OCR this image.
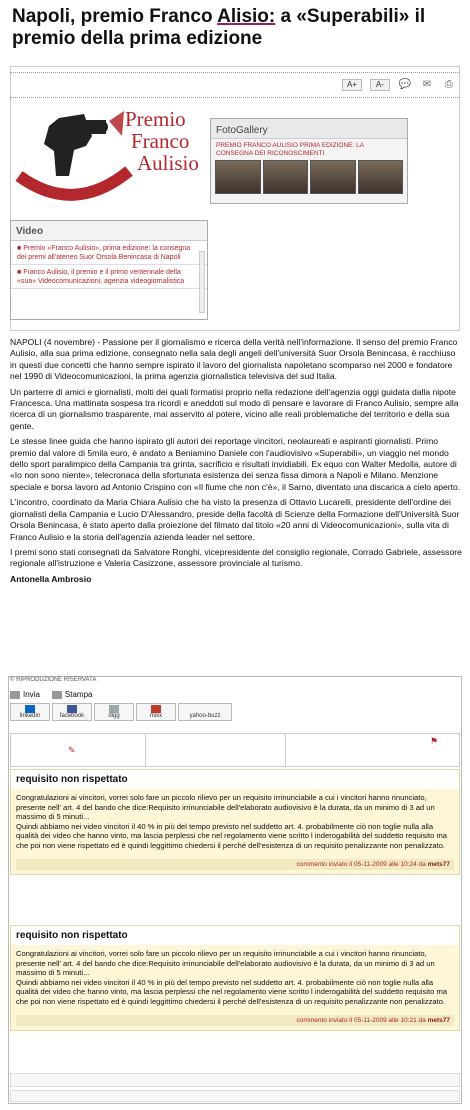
Napoli, premio Franco Alisio: a «Superabili» il premio della prima edizione
A+	A-	💬 ✉	⎙
Premio
Franco
Aulisio
FotoGallery
PREMIO FRANCO AULISIO PRIMA EDIZIONE: LA CONSEGNA DEI RICONOSCIMENTI
Video
■ Premio «Franco Aulisio», prima edizione: la consegna dei premi all'ateneo Suor Orsola Benincasa di Napoli
■ Franco Aulisio, il premio e il primo ventennale della «sua» Videocomunicazioni, agenzia videogiornalistica

NAPOLI (4 novembre) - Passione per il giornalismo e ricerca della verità nell'informazione. Il senso del premio Franco Aulisio, alla sua prima edizione, consegnato nella sala degli angeli dell'università Suor Orsola Benincasa, è racchiuso in questi due concetti che hanno sempre ispirato il lavoro del giornalista napoletano scomparso nel 2000 e fondatore nel 1990 di Videocomunicazioni, la prima agenzia giornalistica televisiva del sud Italia.

Un parterre di amici e giornalisti, molti dei quali formatisi proprio nella redazione dell'agenzia oggi guidata dalla nipote Francesca. Una mattinata sospesa tra ricordi e aneddoti sul modo di pensare e lavorare di Franco Aulisio, sempre alla ricerca di un giornalismo trasparente, mai asservito al potere, vicino alle reali problematiche del territorio e della sua gente.

Le stesse linee guida che hanno ispirato gli autori dei reportage vincitori, neolaureati e aspiranti giornalisti. Primo premio dal valore di 5mila euro, è andato a Beniamino Daniele con l'audiovisivo «Superabili», un viaggio nel mondo dello sport paralimpico della Campania tra grinta, sacrificio e risultati invidiabili. Ex equo con Walter Medolla, autore di «Io non sono niente», telecronaca della sfortunata esistenza dei senza fissa dimora a Napoli e Milano. Menzione speciale e borsa lavoro ad Antonio Crispino con «Il fiume che non c'è», il Sarno, diventato una discarica a cielo aperto.

L'incontro, coordinato da Maria Chiara Aulisio che ha visto la presenza di Ottavio Lucarelli, presidente dell'ordine dei giornalisti della Campania e Lucio D'Alessandro, preside della facoltà di Scienze della Formazione dell'Università Suor Orsola Benincasa, è stato aperto dalla proiezione del filmato dal titolo «20 anni di Videocomunicazioni», sulla vita di Franco Aulisio e la storia dell'agenzia azienda leader nel settore.

I premi sono stati consegnati da Salvatore Ronghi, vicepresidente del consiglio regionale, Corrado Gabriele, assessore regionale all'istruzione e Valeria Casizzone, assessore provinciale al turismo.

Antonella Ambrosio

© RIPRODUZIONE RISERVATA
Invia	Stampa
linkedin	facebook	digg	mixx	yahoo-buzz
✎
⚑
requisito non rispettato
Congratulazioni ai vincitori, vorrei solo fare un piccolo rilievo per un requisito irrinunciabile a cui i vincitori hanno rinunciato, presente nell' art. 4 del bando che dice:Requisito irrinunciabile dell'elaborato audiovisivo è la durata, da un minimo di 3 ad un massimo di 5 minuti...
Quindi abbiamo nei video vincitori il 40 % in più del tempo previsto nel suddetto art. 4. probabilmente ciò non toglie nulla alla qualità dei video che hanno vinto, ma lascia perplessi che nel regolamento viene scritto l inderogabilità del suddetto requisito ma che poi non viene rispettato ed è quindi leggittimo chiedersi il perché dell'esistenza di un requisito penalizzante non penalizzato.
commento inviato il 05-11-2009 alle 10:24 da mets77
requisito non rispettato
Congratulazioni ai vincitori, vorrei solo fare un piccolo rilievo per un requisito irrinunciabile a cui i vincitori hanno rinunciato, presente nell' art. 4 del bando che dice:Requisito irrinunciabile dell'elaborato audiovisivo è la durata, da un minimo di 3 ad un massimo di 5 minuti...
Quindi abbiamo nei video vincitori il 40 % in più del tempo previsto nel suddetto art. 4. probabilmente ciò non toglie nulla alla qualità dei video che hanno vinto, ma lascia perplessi che nel regolamento viene scritto l inderogabilità del suddetto requisito ma che poi non viene rispettato ed è quindi leggittimo chiedersi il perché dell'esistenza di un requisito penalizzante non penalizzato.
commento inviato il 05-11-2009 alle 10:21 da mets77
